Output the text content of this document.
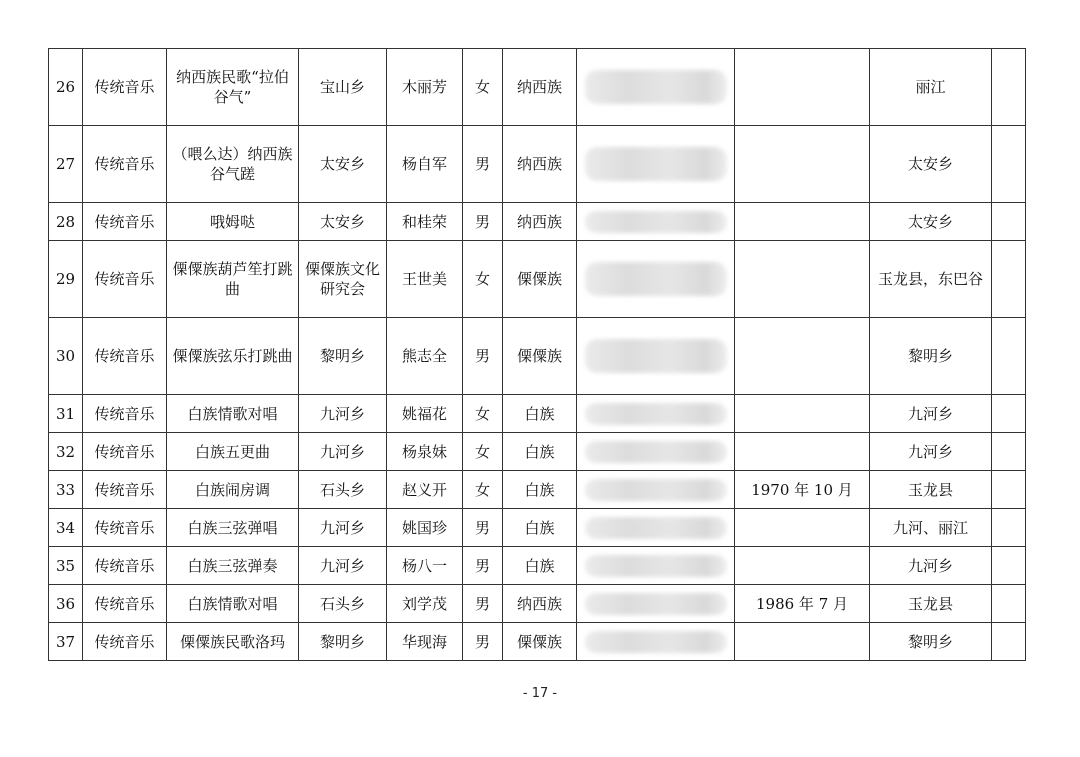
26	传统音乐	纳西族民歌“拉伯谷气”	宝山乡	木丽芳	女	纳西族			丽江	
27	传统音乐	（喂么达）纳西族谷气蹉	太安乡	杨自军	男	纳西族			太安乡	
28	传统音乐	哦姆哒	太安乡	和桂荣	男	纳西族			太安乡	
29	传统音乐	傈僳族葫芦笙打跳曲	傈僳族文化研究会	王世美	女	傈僳族			玉龙县，东巴谷	
30	传统音乐	傈僳族弦乐打跳曲	黎明乡	熊志全	男	傈僳族			黎明乡	
31	传统音乐	白族情歌对唱	九河乡	姚福花	女	白族			九河乡	
32	传统音乐	白族五更曲	九河乡	杨泉妹	女	白族			九河乡	
33	传统音乐	白族闹房调	石头乡	赵义开	女	白族		1970 年 10 月	玉龙县	
34	传统音乐	白族三弦弹唱	九河乡	姚国珍	男	白族			九河、丽江	
35	传统音乐	白族三弦弹奏	九河乡	杨八一	男	白族			九河乡	
36	传统音乐	白族情歌对唱	石头乡	刘学茂	男	纳西族		1986 年 7 月	玉龙县	
37	传统音乐	傈僳族民歌洛玛	黎明乡	华现海	男	傈僳族			黎明乡	
- 17 -
